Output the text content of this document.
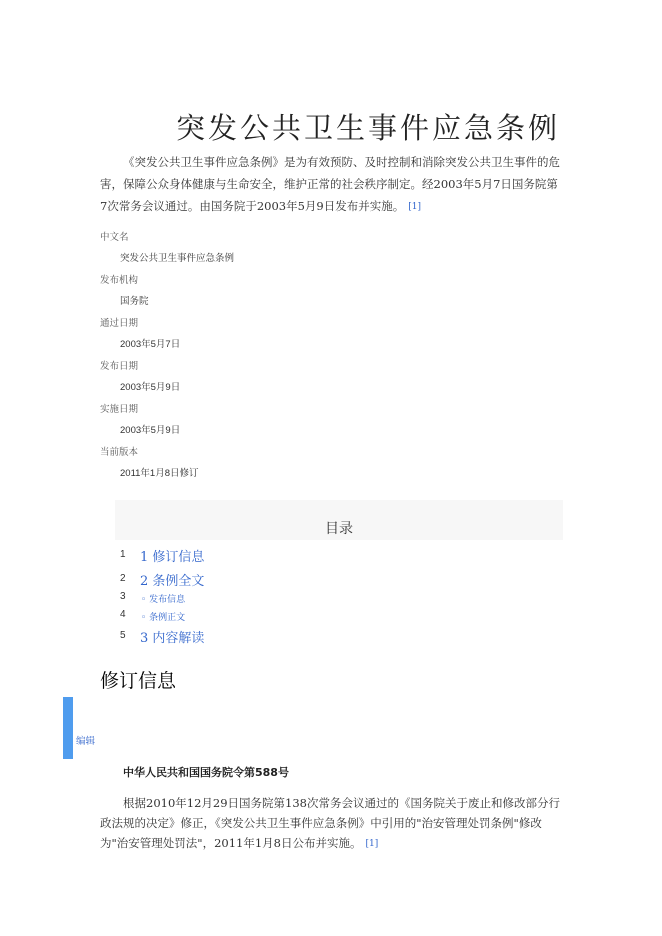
突发公共卫生事件应急条例

《突发公共卫生事件应急条例》是为有效预防、及时控制和消除突发公共卫生事件的危害，保障公众身体健康与生命安全，维护正常的社会秩序制定。经2003年5月7日国务院第7次常务会议通过。由国务院于2003年5月9日发布并实施。 [1]

中文名
突发公共卫生事件应急条例
发布机构
国务院
通过日期
2003年5月7日
发布日期
2003年5月9日
实施日期
2003年5月9日
当前版本
2011年1月8日修订
目录
1 1 修订信息
2 2 条例全文
3 ◦ 发布信息
4 ◦ 条例正文
5 3 内容解读
修订信息
编辑

中华人民共和国国务院令第588号

根据2010年12月29日国务院第138次常务会议通过的《国务院关于废止和修改部分行政法规的决定》修正，《突发公共卫生事件应急条例》中引用的"治安管理处罚条例"修改为"治安管理处罚法"，2011年1月8日公布并实施。 [1]
